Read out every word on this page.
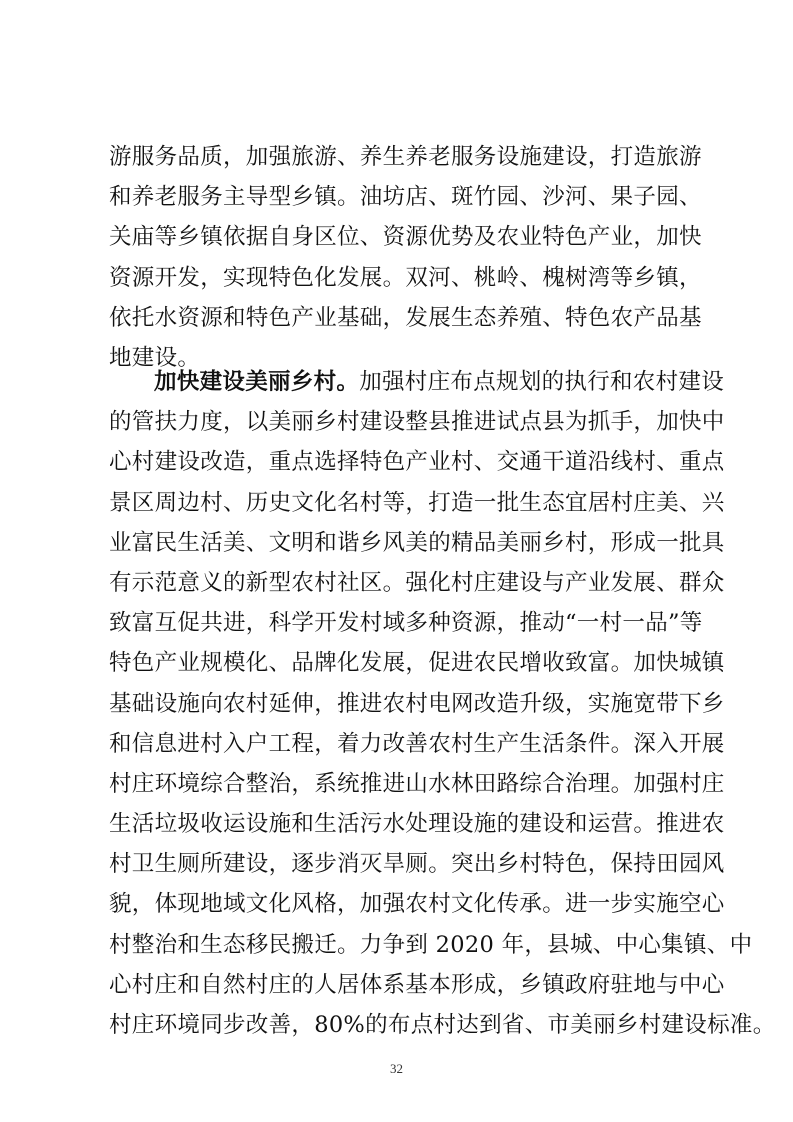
游服务品质，加强旅游、养生养老服务设施建设，打造旅游
和养老服务主导型乡镇。油坊店、斑竹园、沙河、果子园、
关庙等乡镇依据自身区位、资源优势及农业特色产业，加快
资源开发，实现特色化发展。双河、桃岭、槐树湾等乡镇，
依托水资源和特色产业基础，发展生态养殖、特色农产品基
地建设。
加快建设美丽乡村。加强村庄布点规划的执行和农村建设
的管扶力度，以美丽乡村建设整县推进试点县为抓手，加快中
心村建设改造，重点选择特色产业村、交通干道沿线村、重点
景区周边村、历史文化名村等，打造一批生态宜居村庄美、兴
业富民生活美、文明和谐乡风美的精品美丽乡村，形成一批具
有示范意义的新型农村社区。强化村庄建设与产业发展、群众
致富互促共进，科学开发村域多种资源，推动“一村一品”等
特色产业规模化、品牌化发展，促进农民增收致富。加快城镇
基础设施向农村延伸，推进农村电网改造升级，实施宽带下乡
和信息进村入户工程，着力改善农村生产生活条件。深入开展
村庄环境综合整治，系统推进山水林田路综合治理。加强村庄
生活垃圾收运设施和生活污水处理设施的建设和运营。推进农
村卫生厕所建设，逐步消灭旱厕。突出乡村特色，保持田园风
貌，体现地域文化风格，加强农村文化传承。进一步实施空心
村整治和生态移民搬迁。力争到 2020 年，县城、中心集镇、中
心村庄和自然村庄的人居体系基本形成，乡镇政府驻地与中心
村庄环境同步改善，80%的布点村达到省、市美丽乡村建设标准。
32
